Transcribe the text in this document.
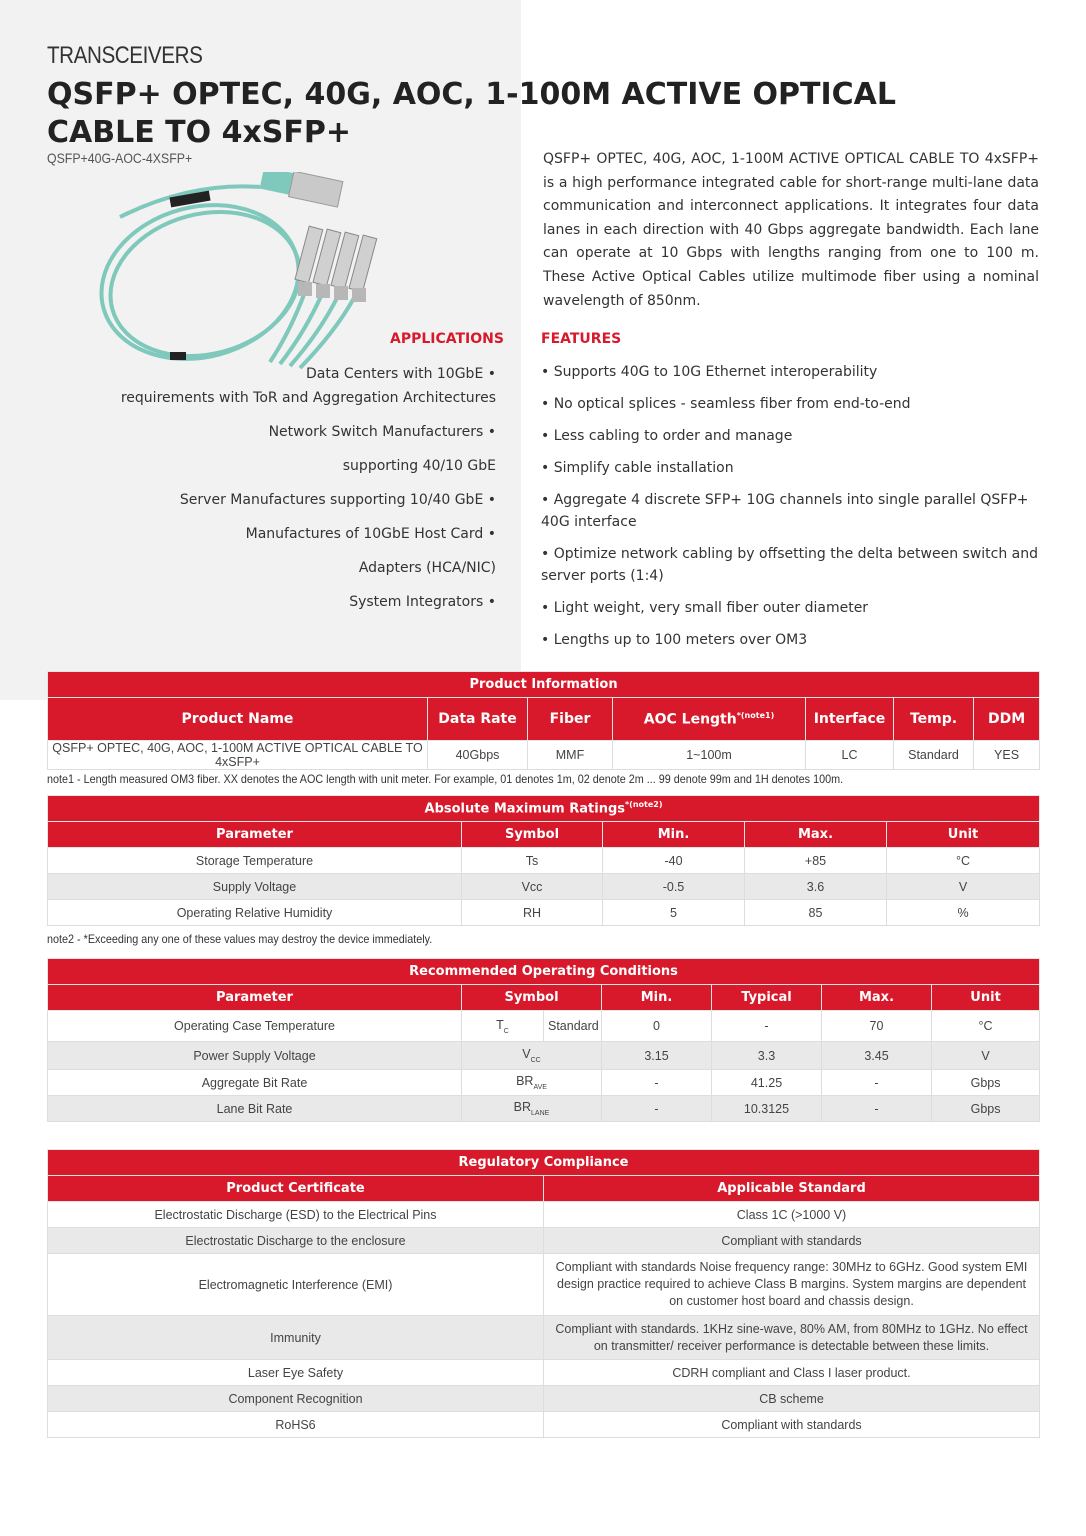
TRANSCEIVERS
QSFP+ OPTEC, 40G, AOC, 1-100M ACTIVE OPTICAL CABLE TO 4xSFP+
QSFP+40G-AOC-4XSFP+	QSFP+ OPTEC, 40G, AOC, 1-100M ACTIVE OPTICAL CABLE TO 4xSFP+ is a high performance integrated cable for short-range multi-lane data communication and interconnect applications. It integrates four data lanes in each direction with 40 Gbps aggregate bandwidth. Each lane can operate at 10 Gbps with lengths ranging from one to 100 m. These Active Optical Cables utilize multimode fiber using a nominal wavelength of 850nm.
APPLICATIONS	FEATURES
Data Centers with 10GbE •
requirements with ToR and Aggregation Architectures
Network Switch Manufacturers •
supporting 40/10 GbE
Server Manufactures supporting 10/40 GbE •
Manufactures of 10GbE Host Card •
Adapters (HCA/NIC)
System Integrators •
• Supports 40G to 10G Ethernet interoperability
• No optical splices - seamless fiber from end-to-end
• Less cabling to order and manage
• Simplify cable installation
• Aggregate 4 discrete SFP+ 10G channels into single parallel QSFP+ 40G interface
• Optimize network cabling by offsetting the delta between switch and server ports (1:4)
• Light weight, very small fiber outer diameter
• Lengths up to 100 meters over OM3
Product Information						
Product Name	Data Rate	Fiber	AOC Length$^{*(note1)}$	Interface	Temp.	DDM
QSFP+ OPTEC, 40G, AOC, 1-100M ACTIVE OPTICAL CABLE TO 4xSFP+	40Gbps	MMF	1~100m	LC	Standard	YES
note1 - Length measured OM3 fiber. XX denotes the AOC length with unit meter. For example, 01 denotes 1m, 02 denote 2m ... 99 denote 99m and 1H denotes 100m.
Absolute Maximum Ratings$^{*(note2)}$
Parameter	Symbol	Min.	Max.	Unit
Storage Temperature	Ts	-40	+85	°C
Supply Voltage	Vcc	-0.5	3.6	V
Operating Relative Humidity	RH	5	85	%
note2 - *Exceeding any one of these values may destroy the device immediately.
Recommended Operating Conditions						
Parameter	Symbol		Min.	Typical	Max.	Unit
Operating Case Temperature	$T_C$	Standard	0	-	70	°C
Power Supply Voltage	$V_{CC}$		3.15	3.3	3.45	V
Aggregate Bit Rate	$BR_{AVE}$		-	41.25	-	Gbps
Lane Bit Rate	$BR_{LANE}$		-	10.3125	-	Gbps
Regulatory Compliance	
Product Certificate	Applicable Standard
Electrostatic Discharge (ESD) to the Electrical Pins	Class 1C (>1000 V)
Electrostatic Discharge to the enclosure	Compliant with standards
Electromagnetic Interference (EMI)	Compliant with standards Noise frequency range: 30MHz to 6GHz. Good system EMI design practice required to achieve Class B margins. System margins are dependent on customer host board and chassis design.
Immunity	Compliant with standards. 1KHz sine-wave, 80% AM, from 80MHz to 1GHz. No effect on transmitter/ receiver performance is detectable between these limits.
Laser Eye Safety	CDRH compliant and Class I laser product.
Component Recognition	CB scheme
RoHS6	Compliant with standards
